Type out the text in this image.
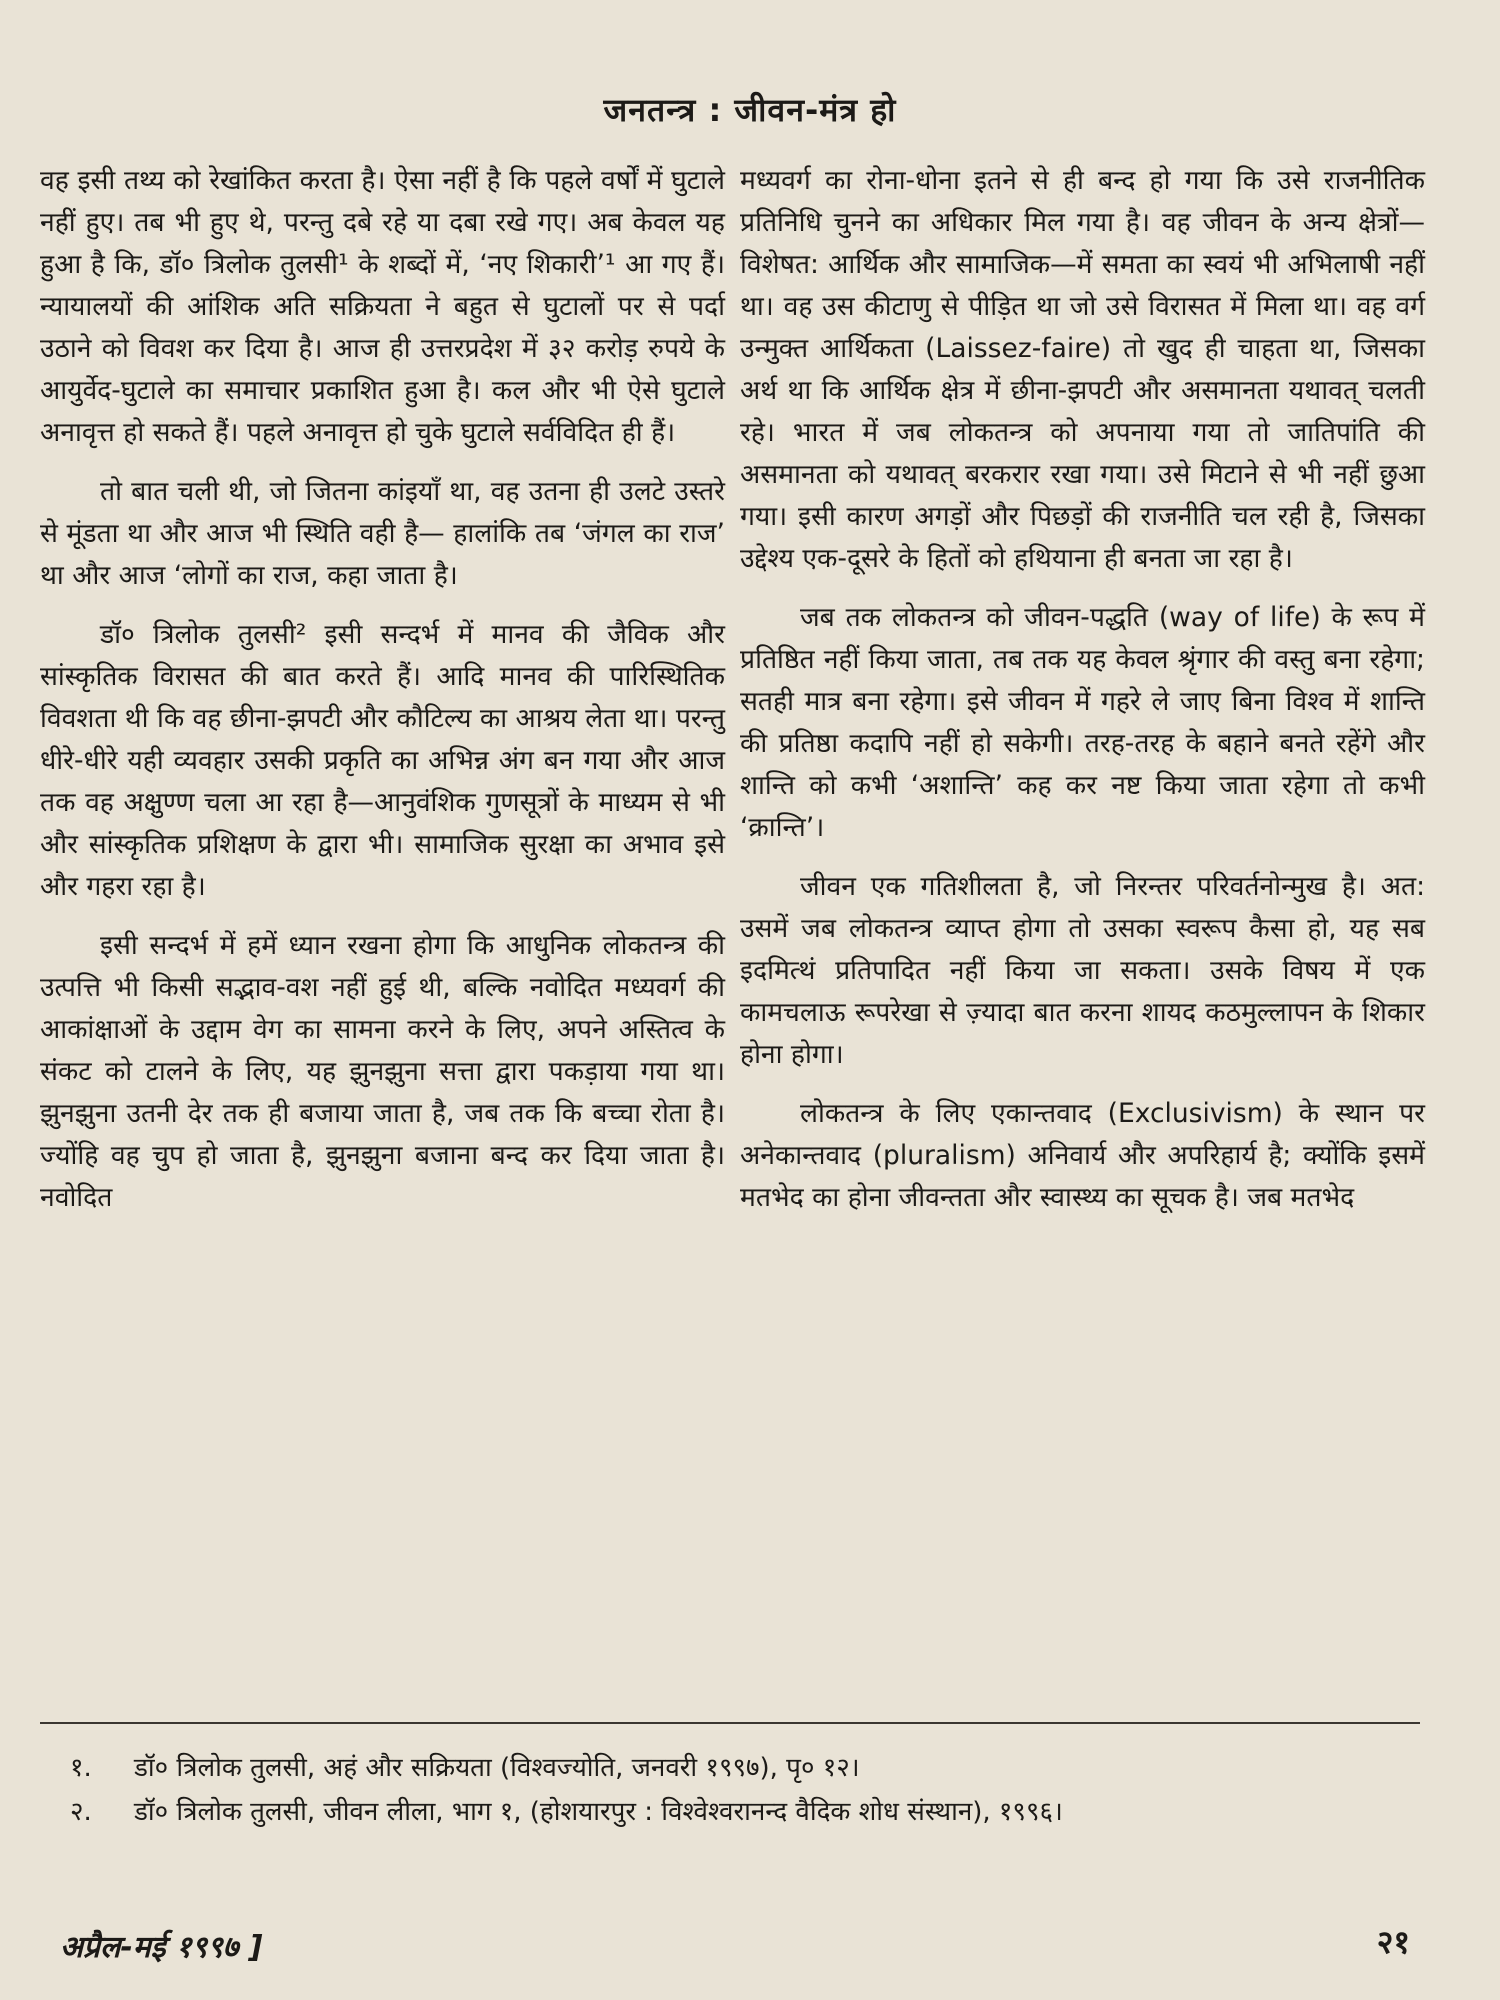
जनतन्त्र : जीवन-मंत्र हो

वह इसी तथ्य को रेखांकित करता है। ऐसा नहीं है कि पहले वर्षों में घुटाले नहीं हुए। तब भी हुए थे, परन्तु दबे रहे या दबा रखे गए। अब केवल यह हुआ है कि, डॉ० त्रिलोक तुलसी¹ के शब्दों में, ‘नए शिकारी’¹ आ गए हैं। न्यायालयों की आंशिक अति सक्रियता ने बहुत से घुटालों पर से पर्दा उठाने को विवश कर दिया है। आज ही उत्तरप्रदेश में ३२ करोड़ रुपये के आयुर्वेद-घुटाले का समाचार प्रकाशित हुआ है। कल और भी ऐसे घुटाले अनावृत्त हो सकते हैं। पहले अनावृत्त हो चुके घुटाले सर्वविदित ही हैं।

तो बात चली थी, जो जितना कांइयाँ था, वह उतना ही उलटे उस्तरे से मूंडता था और आज भी स्थिति वही है— हालांकि तब ‘जंगल का राज’ था और आज ‘लोगों का राज, कहा जाता है।

डॉ० त्रिलोक तुलसी² इसी सन्दर्भ में मानव की जैविक और सांस्कृतिक विरासत की बात करते हैं। आदि मानव की पारिस्थितिक विवशता थी कि वह छीना-झपटी और कौटिल्य का आश्रय लेता था। परन्तु धीरे-धीरे यही व्यवहार उसकी प्रकृति का अभिन्न अंग बन गया और आज तक वह अक्षुण्ण चला आ रहा है—आनुवंशिक गुणसूत्रों के माध्यम से भी और सांस्कृतिक प्रशिक्षण के द्वारा भी। सामाजिक सुरक्षा का अभाव इसे और गहरा रहा है।

इसी सन्दर्भ में हमें ध्यान रखना होगा कि आधुनिक लोकतन्त्र की उत्पत्ति भी किसी सद्भाव-वश नहीं हुई थी, बल्कि नवोदित मध्यवर्ग की आकांक्षाओं के उद्दाम वेग का सामना करने के लिए, अपने अस्तित्व के संकट को टालने के लिए, यह झुनझुना सत्ता द्वारा पकड़ाया गया था। झुनझुना उतनी देर तक ही बजाया जाता है, जब तक कि बच्चा रोता है। ज्योंहि वह चुप हो जाता है, झुनझुना बजाना बन्द कर दिया जाता है। नवोदित

मध्यवर्ग का रोना-धोना इतने से ही बन्द हो गया कि उसे राजनीतिक प्रतिनिधि चुनने का अधिकार मिल गया है। वह जीवन के अन्य क्षेत्रों—विशेषत: आर्थिक और सामाजिक—में समता का स्वयं भी अभिलाषी नहीं था। वह उस कीटाणु से पीड़ित था जो उसे विरासत में मिला था। वह वर्ग उन्मुक्त आर्थिकता (Laissez-faire) तो खुद ही चाहता था, जिसका अर्थ था कि आर्थिक क्षेत्र में छीना-झपटी और असमानता यथावत् चलती रहे। भारत में जब लोकतन्त्र को अपनाया गया तो जातिपांति की असमानता को यथावत् बरकरार रखा गया। उसे मिटाने से भी नहीं छुआ गया। इसी कारण अगड़ों और पिछड़ों की राजनीति चल रही है, जिसका उद्देश्य एक-दूसरे के हितों को हथियाना ही बनता जा रहा है।

जब तक लोकतन्त्र को जीवन-पद्धति (way of life) के रूप में प्रतिष्ठित नहीं किया जाता, तब तक यह केवल श्रृंगार की वस्तु बना रहेगा; सतही मात्र बना रहेगा। इसे जीवन में गहरे ले जाए बिना विश्व में शान्ति की प्रतिष्ठा कदापि नहीं हो सकेगी। तरह-तरह के बहाने बनते रहेंगे और शान्ति को कभी ‘अशान्ति’ कह कर नष्ट किया जाता रहेगा तो कभी ‘क्रान्ति’।

जीवन एक गतिशीलता है, जो निरन्तर परिवर्तनोन्मुख है। अत: उसमें जब लोकतन्त्र व्याप्त होगा तो उसका स्वरूप कैसा हो, यह सब इदमित्थं प्रतिपादित नहीं किया जा सकता। उसके विषय में एक कामचलाऊ रूपरेखा से ज़्यादा बात करना शायद कठमुल्लापन के शिकार होना होगा।

लोकतन्त्र के लिए एकान्तवाद (Exclusivism) के स्थान पर अनेकान्तवाद (pluralism) अनिवार्य और अपरिहार्य है; क्योंकि इसमें मतभेद का होना जीवन्तता और स्वास्थ्य का सूचक है। जब मतभेद

१.	डॉ० त्रिलोक तुलसी, अहं और सक्रियता (विश्वज्योति, जनवरी १९९७), पृ० १२।
२.	डॉ० त्रिलोक तुलसी, जीवन लीला, भाग १, (होशयारपुर : विश्वेश्वरानन्द वैदिक शोध संस्थान), १९९६।
अप्रैल-मई १९९७ ]	२१
